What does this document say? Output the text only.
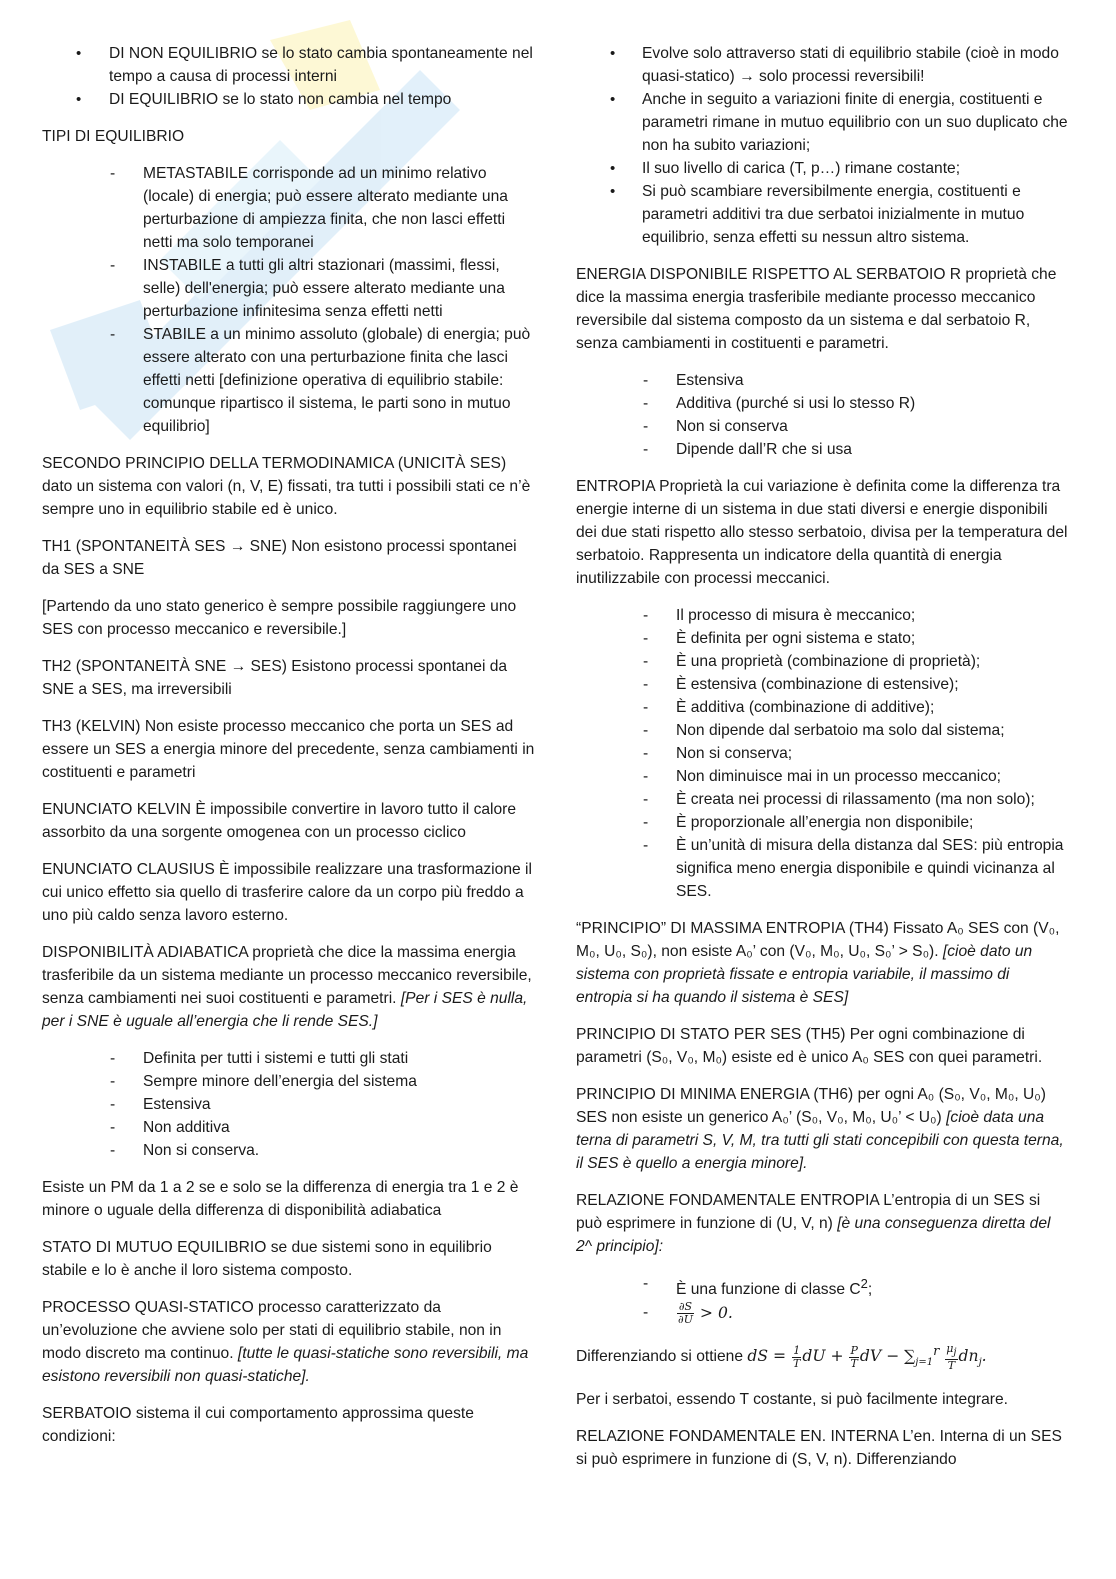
• DI NON EQUILIBRIO se lo stato cambia spontaneamente nel tempo a causa di processi interni
• DI EQUILIBRIO se lo stato non cambia nel tempo

TIPI DI EQUILIBRIO

- METASTABILE corrisponde ad un minimo relativo (locale) di energia; può essere alterato mediante una perturbazione di ampiezza finita, che non lasci effetti netti ma solo temporanei
- INSTABILE a tutti gli altri stazionari (massimi, flessi, selle) dell'energia; può essere alterato mediante una perturbazione infinitesima senza effetti netti
- STABILE a un minimo assoluto (globale) di energia; può essere alterato con una perturbazione finita che lasci effetti netti [definizione operativa di equilibrio stabile: comunque ripartisco il sistema, le parti sono in mutuo equilibrio]

SECONDO PRINCIPIO DELLA TERMODINAMICA (UNICITÀ SES) dato un sistema con valori (n, V, E) fissati, tra tutti i possibili stati ce n’è sempre uno in equilibrio stabile ed è unico.

TH1 (SPONTANEITÀ SES → SNE) Non esistono processi spontanei da SES a SNE

[Partendo da uno stato generico è sempre possibile raggiungere uno SES con processo meccanico e reversibile.]

TH2 (SPONTANEITÀ SNE → SES) Esistono processi spontanei da SNE a SES, ma irreversibili

TH3 (KELVIN) Non esiste processo meccanico che porta un SES ad essere un SES a energia minore del precedente, senza cambiamenti in costituenti e parametri

ENUNCIATO KELVIN È impossibile convertire in lavoro tutto il calore assorbito da una sorgente omogenea con un processo ciclico

ENUNCIATO CLAUSIUS È impossibile realizzare una trasformazione il cui unico effetto sia quello di trasferire calore da un corpo più freddo a uno più caldo senza lavoro esterno.

DISPONIBILITÀ ADIABATICA proprietà che dice la massima energia trasferibile da un sistema mediante un processo meccanico reversibile, senza cambiamenti nei suoi costituenti e parametri. [Per i SES è nulla, per i SNE è uguale all’energia che li rende SES.]

- Definita per tutti i sistemi e tutti gli stati
- Sempre minore dell’energia del sistema
- Estensiva
- Non additiva
- Non si conserva.

Esiste un PM da 1 a 2 se e solo se la differenza di energia tra 1 e 2 è minore o uguale della differenza di disponibilità adiabatica

STATO DI MUTUO EQUILIBRIO se due sistemi sono in equilibrio stabile e lo è anche il loro sistema composto.

PROCESSO QUASI-STATICO processo caratterizzato da un’evoluzione che avviene solo per stati di equilibrio stabile, non in modo discreto ma continuo. [tutte le quasi-statiche sono reversibili, ma esistono reversibili non quasi-statiche].

SERBATOIO sistema il cui comportamento approssima queste condizioni:

• Evolve solo attraverso stati di equilibrio stabile (cioè in modo quasi-statico) → solo processi reversibili!
• Anche in seguito a variazioni finite di energia, costituenti e parametri rimane in mutuo equilibrio con un suo duplicato che non ha subito variazioni;
• Il suo livello di carica (T, p…) rimane costante;
• Si può scambiare reversibilmente energia, costituenti e parametri additivi tra due serbatoi inizialmente in mutuo equilibrio, senza effetti su nessun altro sistema.

ENERGIA DISPONIBILE RISPETTO AL SERBATOIO R proprietà che dice la massima energia trasferibile mediante processo meccanico reversibile dal sistema composto da un sistema e dal serbatoio R, senza cambiamenti in costituenti e parametri.

- Estensiva
- Additiva (purché si usi lo stesso R)
- Non si conserva
- Dipende dall’R che si usa

ENTROPIA Proprietà la cui variazione è definita come la differenza tra energie interne di un sistema in due stati diversi e energie disponibili dei due stati rispetto allo stesso serbatoio, divisa per la temperatura del serbatoio. Rappresenta un indicatore della quantità di energia inutilizzabile con processi meccanici.

- Il processo di misura è meccanico;
- È definita per ogni sistema e stato;
- È una proprietà (combinazione di proprietà);
- È estensiva (combinazione di estensive);
- È additiva (combinazione di additive);
- Non dipende dal serbatoio ma solo dal sistema;
- Non si conserva;
- Non diminuisce mai in un processo meccanico;
- È creata nei processi di rilassamento (ma non solo);
- È proporzionale all’energia non disponibile;
- È un’unità di misura della distanza dal SES: più entropia significa meno energia disponibile e quindi vicinanza al SES.

“PRINCIPIO” DI MASSIMA ENTROPIA (TH4) Fissato A₀ SES con (V₀, M₀, U₀, S₀), non esiste A₀’ con (V₀, M₀, U₀, S₀’ > S₀). [cioè dato un sistema con proprietà fissate e entropia variabile, il massimo di entropia si ha quando il sistema è SES]

PRINCIPIO DI STATO PER SES (TH5) Per ogni combinazione di parametri (S₀, V₀, M₀) esiste ed è unico A₀ SES con quei parametri.

PRINCIPIO DI MINIMA ENERGIA (TH6) per ogni A₀ (S₀, V₀, M₀, U₀) SES non esiste un generico A₀’ (S₀, V₀, M₀, U₀’ < U₀) [cioè data una terna di parametri S, V, M, tra tutti gli stati concepibili con questa terna, il SES è quello a energia minore].

RELAZIONE FONDAMENTALE ENTROPIA L’entropia di un SES si può esprimere in funzione di (U, V, n) [è una conseguenza diretta del 2^ principio]:

- È una funzione di classe $C^2$;
- $\frac{\partial S}{\partial U} > 0$.

Differenziando si ottiene dS = $\frac{1}{T}$ dU + $\frac{P}{T}$ dV − $\sum_{j=1}^r \frac{\mu_j}{T} dn_j$.

Per i serbatoi, essendo T costante, si può facilmente integrare.

RELAZIONE FONDAMENTALE EN. INTERNA L’en. Interna di un SES si può esprimere in funzione di (S, V, n). Differenziando
